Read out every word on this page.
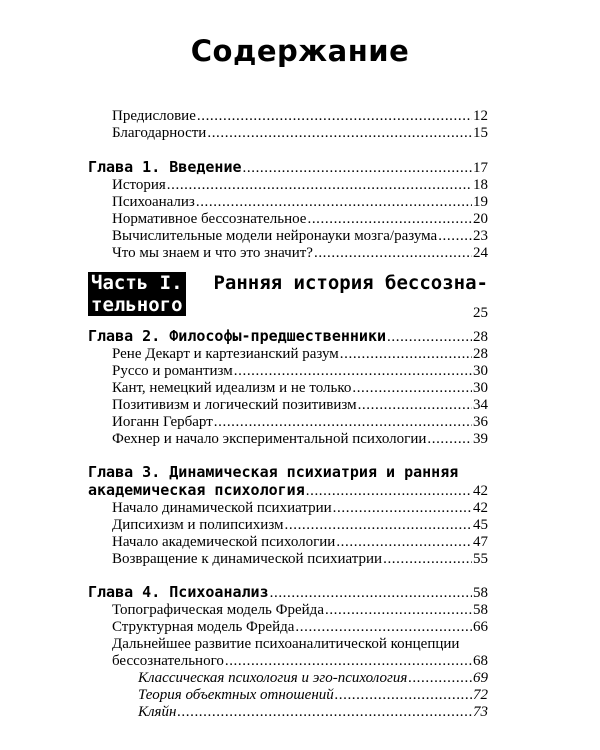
Содержание
Предисловие .....	12
Благодарности .....	15
Глава 1. Введение .....	17
История .....	18
Психоанализ .....	19
Нормативное бессознательное .....	20
Вычислительные модели нейронауки мозга/разума ..... 23
Что мы знаем и что это значит? .....	24
Часть I. Ранняя история бессозна-
тельного	25
Глава 2. Философы-предшественники .....	28
Рене Декарт и картезианский разум .....	28
Руссо и романтизм .....	30
Кант, немецкий идеализм и не только .....	30
Позитивизм и логический позитивизм .....	34
Иоганн Гербарт .....	36
Фехнер и начало экспериментальной психологии .....	39
Глава 3. Динамическая психиатрия и ранняя
академическая психология .....	42
Начало динамической психиатрии .....	42
Дипсихизм и полипсихизм .....	45
Начало академической психологии .....	47
Возвращение к динамической психиатрии .....	55
Глава 4. Психоанализ .....	58
Топографическая модель Фрейда .....	58
Структурная модель Фрейда .....	66
Дальнейшее развитие психоаналитической концепции
бессознательного .....	68
Классическая психология и эго-психология .....	69
Теория объектных отношений .....	72
Кляйн .....	73
